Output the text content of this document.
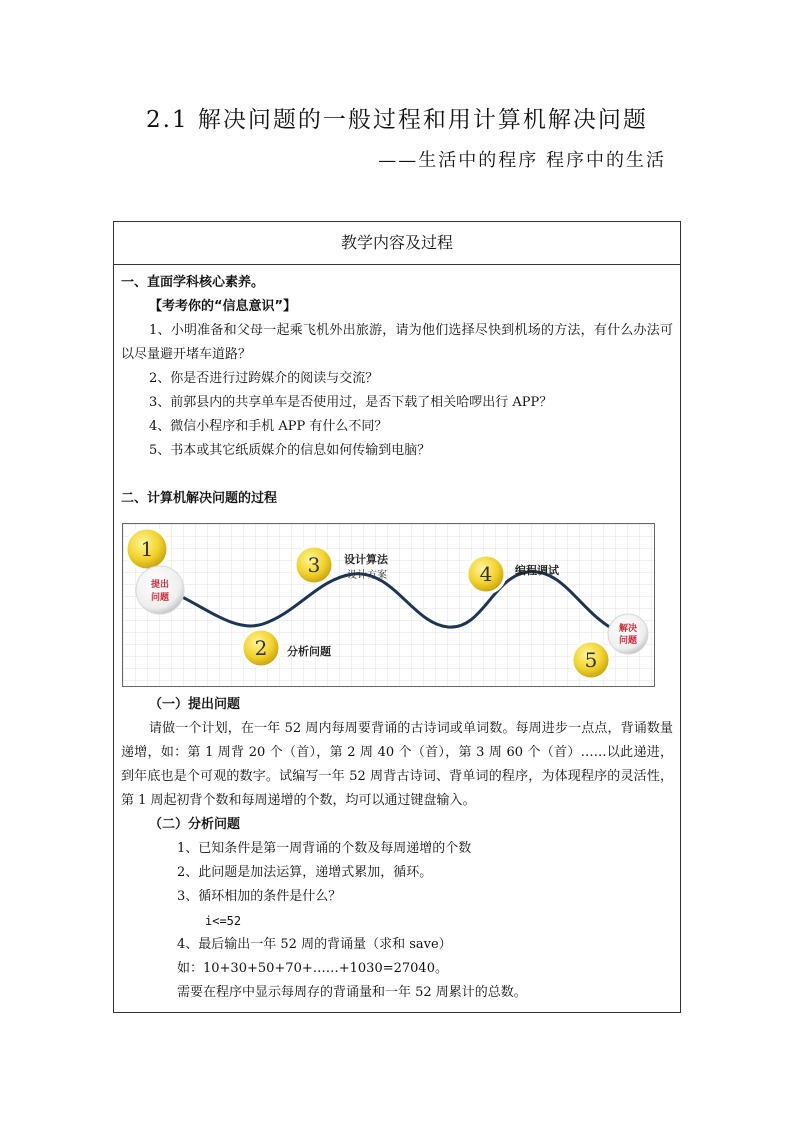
2.1 解决问题的一般过程和用计算机解决问题
——生活中的程序 程序中的生活
教学内容及过程
一、直面学科核心素养。
【考考你的“信息意识”】
1、小明准备和父母一起乘飞机外出旅游，请为他们选择尽快到机场的方法，有什么办法可以尽量避开堵车道路？
2、你是否进行过跨媒介的阅读与交流？
3、前郭县内的共享单车是否使用过，是否下载了相关哈啰出行 APP？
4、微信小程序和手机 APP 有什么不同？
5、书本或其它纸质媒介的信息如何传输到电脑？
二、计算机解决问题的过程
1
提出
问题
2 分析问题
3 设计算法
设计方案	4 编程调试
解决
问题
5
（一）提出问题
请做一个计划，在一年 52 周内每周要背诵的古诗词或单词数。每周进步一点点，背诵数量递增，如：第 1 周背 20 个（首），第 2 周 40 个（首），第 3 周 60 个（首）……以此递进，到年底也是个可观的数字。试编写一年 52 周背古诗词、背单词的程序，为体现程序的灵活性，第 1 周起初背个数和每周递增的个数，均可以通过键盘输入。
（二）分析问题
1、已知条件是第一周背诵的个数及每周递增的个数
2、此问题是加法运算，递增式累加，循环。
3、循环相加的条件是什么？
i<=52
4、最后输出一年 52 周的背诵量（求和 save）
如：10+30+50+70+……+1030=27040。
需要在程序中显示每周存的背诵量和一年 52 周累计的总数。
